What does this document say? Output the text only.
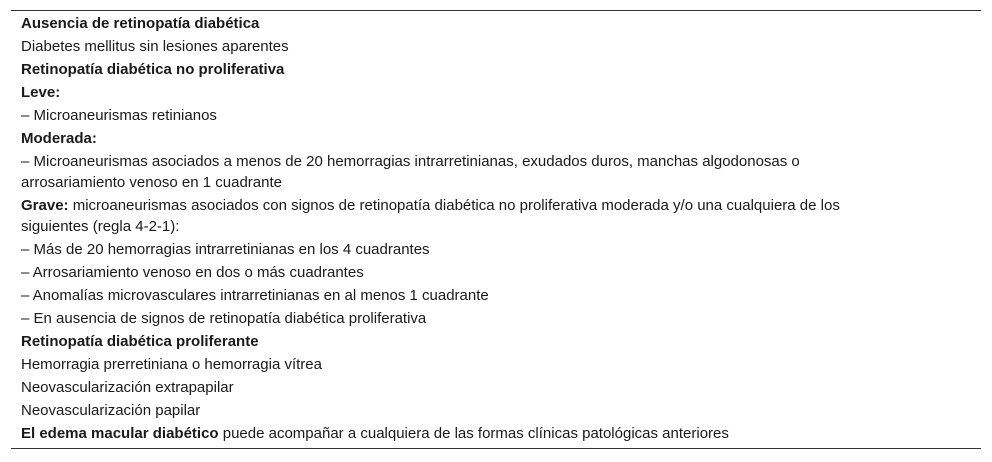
Ausencia de retinopatía diabética

Diabetes mellitus sin lesiones aparentes

Retinopatía diabética no proliferativa

Leve:

– Microaneurismas retinianos

Moderada:

– Microaneurismas asociados a menos de 20 hemorragias intrarretinianas, exudados duros, manchas algodonosas o arrosariamiento venoso en 1 cuadrante

Grave: microaneurismas asociados con signos de retinopatía diabética no proliferativa moderada y/o una cualquiera de los siguientes (regla 4-2-1):

– Más de 20 hemorragias intrarretinianas en los 4 cuadrantes

– Arrosariamiento venoso en dos o más cuadrantes

– Anomalías microvasculares intrarretinianas en al menos 1 cuadrante

– En ausencia de signos de retinopatía diabética proliferativa

Retinopatía diabética proliferante

Hemorragia prerretiniana o hemorragia vítrea

Neovascularización extrapapilar

Neovascularización papilar

El edema macular diabético puede acompañar a cualquiera de las formas clínicas patológicas anteriores
